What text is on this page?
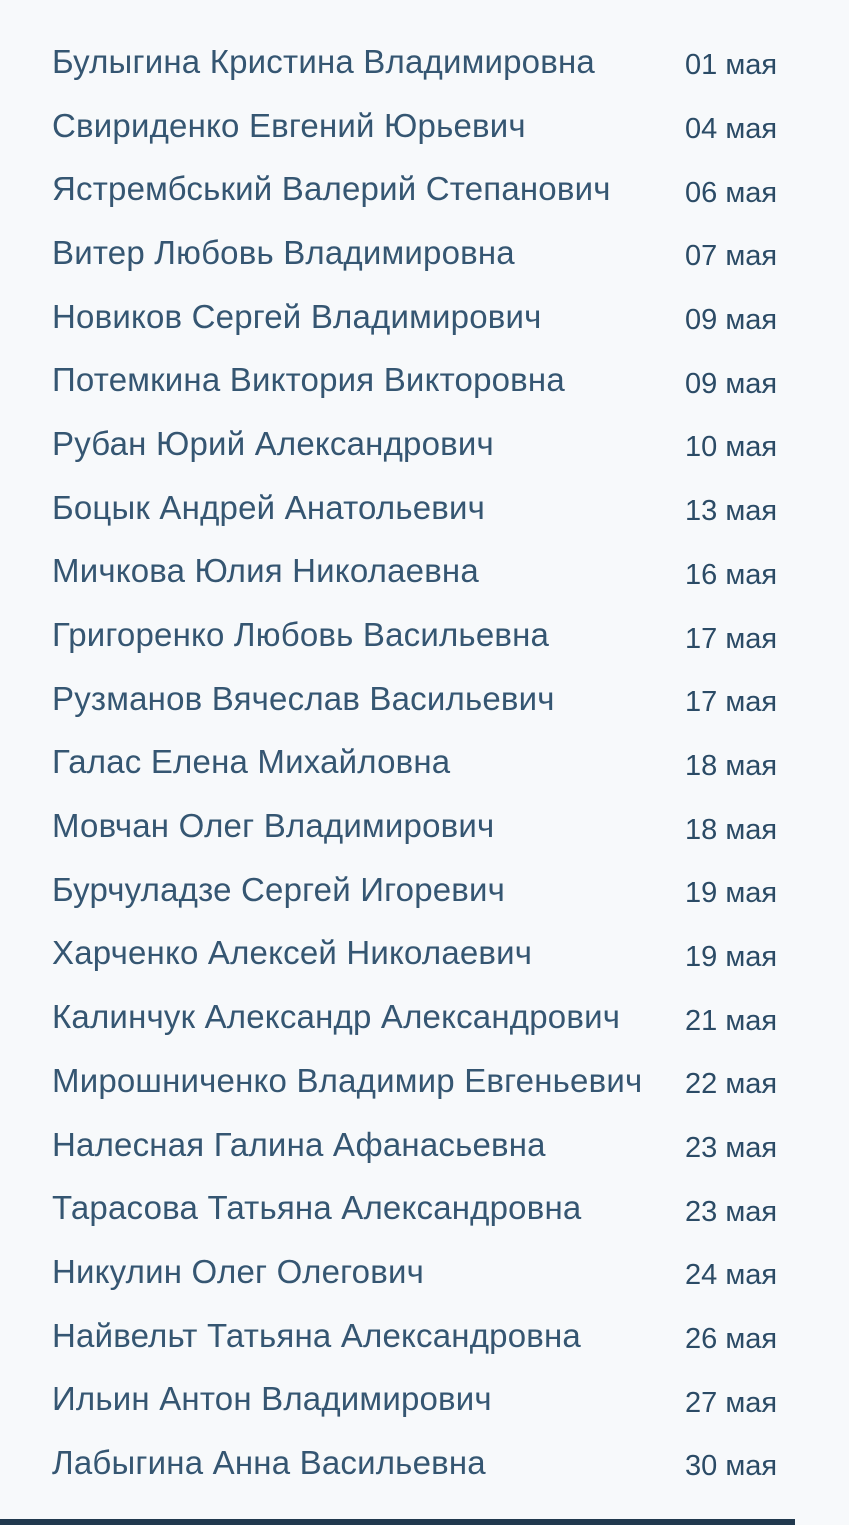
Булыгина Кристина Владимировна	01 мая
Свириденко Евгений Юрьевич	04 мая
Ястрембський Валерий Степанович	06 мая
Витер Любовь Владимировна	07 мая
Новиков Сергей Владимирович	09 мая
Потемкина Виктория Викторовна	09 мая
Рубан Юрий Александрович	10 мая
Боцык Андрей Анатольевич	13 мая
Мичкова Юлия Николаевна	16 мая
Григоренко Любовь Васильевна	17 мая
Рузманов Вячеслав Васильевич	17 мая
Галас Елена Михайловна	18 мая
Мовчан Олег Владимирович	18 мая
Бурчуладзе Сергей Игоревич	19 мая
Харченко Алексей Николаевич	19 мая
Калинчук Александр Александрович	21 мая
Мирошниченко Владимир Евгеньевич	22 мая
Налесная Галина Афанасьевна	23 мая
Тарасова Татьяна Александровна	23 мая
Никулин Олег Олегович	24 мая
Найвельт Татьяна Александровна	26 мая
Ильин Антон Владимирович	27 мая
Лабыгина Анна Васильевна	30 мая
